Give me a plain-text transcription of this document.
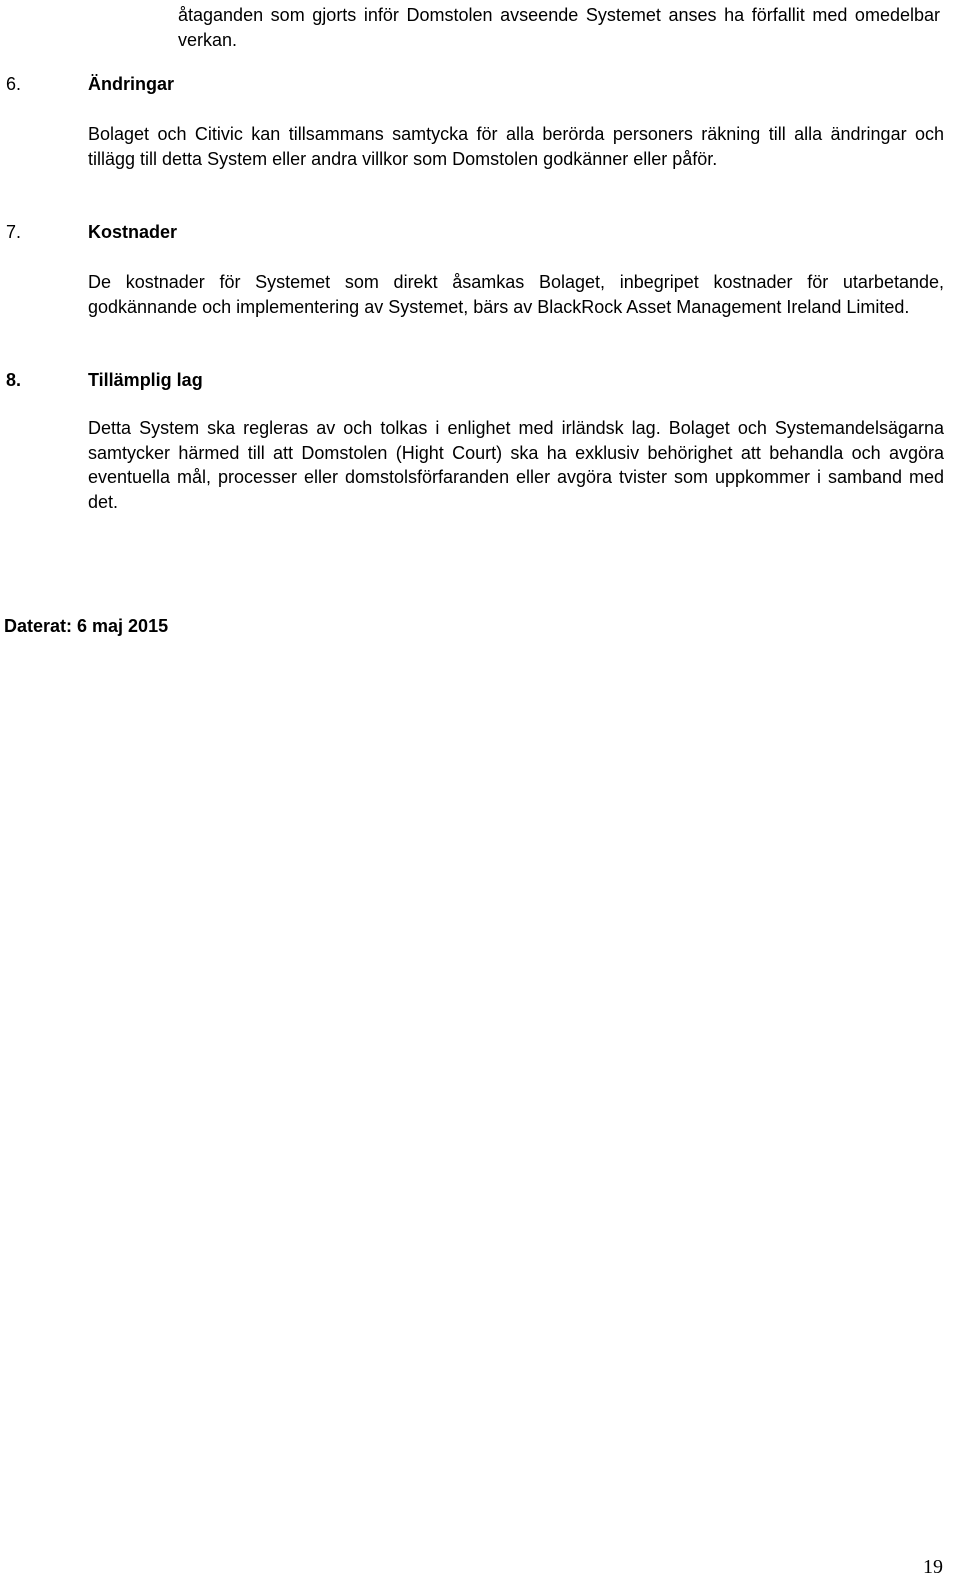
åtaganden som gjorts inför Domstolen avseende Systemet anses ha förfallit med omedelbar verkan.

6.	Ändringar

Bolaget och Citivic kan tillsammans samtycka för alla berörda personers räkning till alla ändringar och tillägg till detta System eller andra villkor som Domstolen godkänner eller påför.

7.	Kostnader

De kostnader för Systemet som direkt åsamkas Bolaget, inbegripet kostnader för utarbetande, godkännande och implementering av Systemet, bärs av BlackRock Asset Management Ireland Limited.

8.	Tillämplig lag

Detta System ska regleras av och tolkas i enlighet med irländsk lag. Bolaget och Systemandelsägarna samtycker härmed till att Domstolen (Hight Court) ska ha exklusiv behörighet att behandla och avgöra eventuella mål, processer eller domstolsförfaranden eller avgöra tvister som uppkommer i samband med det.

Daterat: 6 maj 2015
19
